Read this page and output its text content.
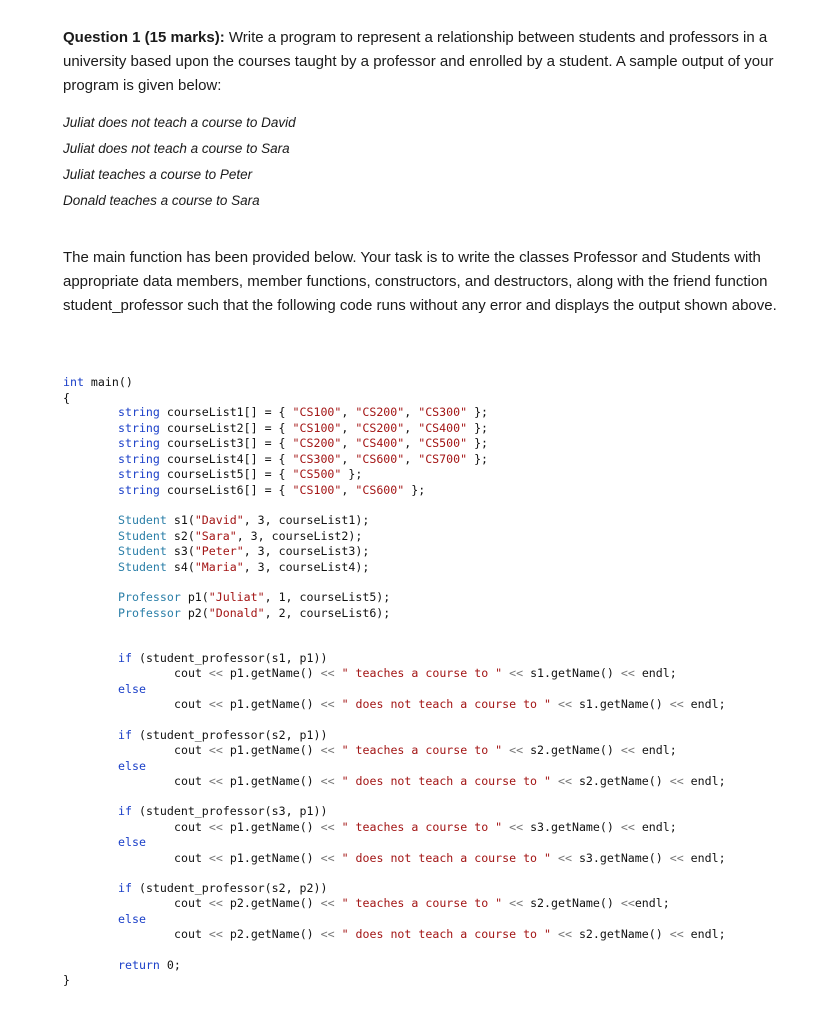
Question 1 (15 marks): Write a program to represent a relationship between students and professors in a university based upon the courses taught by a professor and enrolled by a student. A sample output of your program is given below:
Juliat does not teach a course to David
Juliat does not teach a course to Sara
Juliat teaches a course to Peter
Donald teaches a course to Sara
The main function has been provided below. Your task is to write the classes Professor and Students with appropriate data members, member functions, constructors, and destructors, along with the friend function student_professor such that the following code runs without any error and displays the output shown above.
int main()
{
string courseList1[] = { "CS100", "CS200", "CS300" };
string courseList2[] = { "CS100", "CS200", "CS400" };
string courseList3[] = { "CS200", "CS400", "CS500" };
string courseList4[] = { "CS300", "CS600", "CS700" };
string courseList5[] = { "CS500" };
string courseList6[] = { "CS100", "CS600" };
Student s1("David", 3, courseList1);
Student s2("Sara", 3, courseList2);
Student s3("Peter", 3, courseList3);
Student s4("Maria", 3, courseList4);
Professor p1("Juliat", 1, courseList5);
Professor p2("Donald", 2, courseList6);
if (student_professor(s1, p1))
cout << p1.getName() << " teaches a course to " << s1.getName() << endl;
else
cout << p1.getName() << " does not teach a course to " << s1.getName() << endl;
if (student_professor(s2, p1))
cout << p1.getName() << " teaches a course to " << s2.getName() << endl;
else
cout << p1.getName() << " does not teach a course to " << s2.getName() << endl;
if (student_professor(s3, p1))
cout << p1.getName() << " teaches a course to " << s3.getName() << endl;
else
cout << p1.getName() << " does not teach a course to " << s3.getName() << endl;
if (student_professor(s2, p2))
cout << p2.getName() << " teaches a course to " << s2.getName() <<endl;
else
cout << p2.getName() << " does not teach a course to " << s2.getName() << endl;
return 0;
}
